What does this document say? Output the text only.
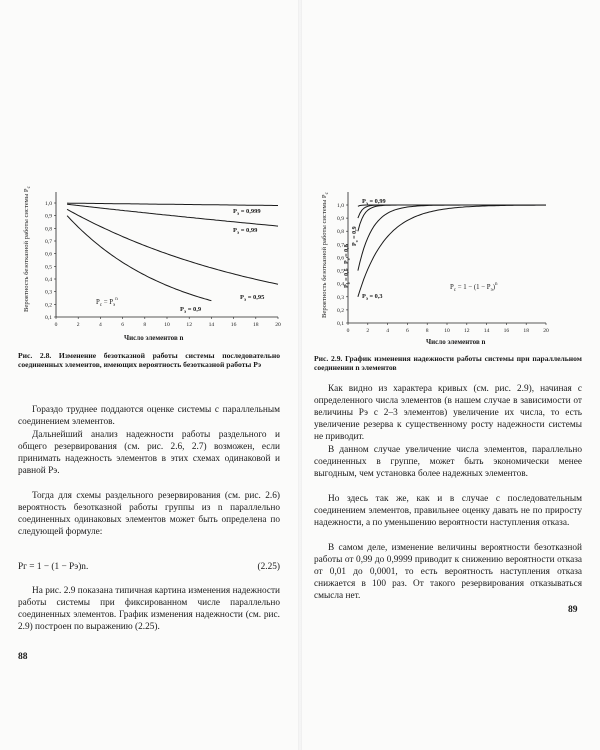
Вероятность безотказной работы системы $P_с$
0,1
0,2
0,3
0,4
0,5
0,6
0,7
0,8
0,9
1,0
0	2	4	6	8	10	12	14	16	18	20
$P_c = P_э^n$
$P_э = 0,999$
$P_э = 0,99$
$P_э = 0,95$
$P_э = 0,9$
Число элементов n
Рис. 2.8. Изменение безотказной работы системы последовательно соединенных элементов, имеющих вероятность безотказной работы Pэ

Гораздо труднее поддаются оценке системы с параллельным соединением элементов.

Дальнейший анализ надежности работы раздельного и общего резервирования (см. рис. 2.6, 2.7) возможен, если принимать надежность элементов в этих схемах одинаковой и равной Pэ.

Тогда для схемы раздельного резервирования (см. рис. 2.6) вероятность безотказной работы группы из n параллельно соединенных одинаковых элементов может быть определена по следующей формуле:

Pг = 1 − (1 − Pэ)n.	(2.25)

На рис. 2.9 показана типичная картина изменения надежности работы системы при фиксированном числе параллельно соединенных элементов. График изменения надежности (см. рис. 2.9) построен по выражению (2.25).

88
Вероятность безотказной работы системы $P_с$
0,1
0,2
0,3
0,4
0,5
0,6
0,7
0,8
0,9
1,0
0	2	4	6	8	10	12	14	16	18	20
$P_c = 1 - (1 - P_э)^n$
$P_э = 0,99$
$P_э = 0,9$
$P_э = 0,8$
$P_э = 0,5$
$P_э = 0,3$
Число элементов n
Рис. 2.9. График изменения надежности работы системы при параллельном соединении n элементов

Как видно из характера кривых (см. рис. 2.9), начиная с определенного числа элементов (в нашем случае в зависимости от величины Pэ с 2–3 элементов) увеличение их числа, то есть увеличение резерва к существенному росту надежности системы не приводит.

В данном случае увеличение числа элементов, параллельно соединенных в группе, может быть экономически менее выгодным, чем установка более надежных элементов.

Но здесь так же, как и в случае с последовательным соединением элементов, правильнее оценку давать не по приросту надежности, а по уменьшению вероятности наступления отказа.

В самом деле, изменение величины вероятности безотказной работы от 0,99 до 0,9999 приводит к снижению вероятности отказа от 0,01 до 0,0001, то есть вероятность наступления отказа снижается в 100 раз. От такого резервирования отказываться смысла нет.

89
